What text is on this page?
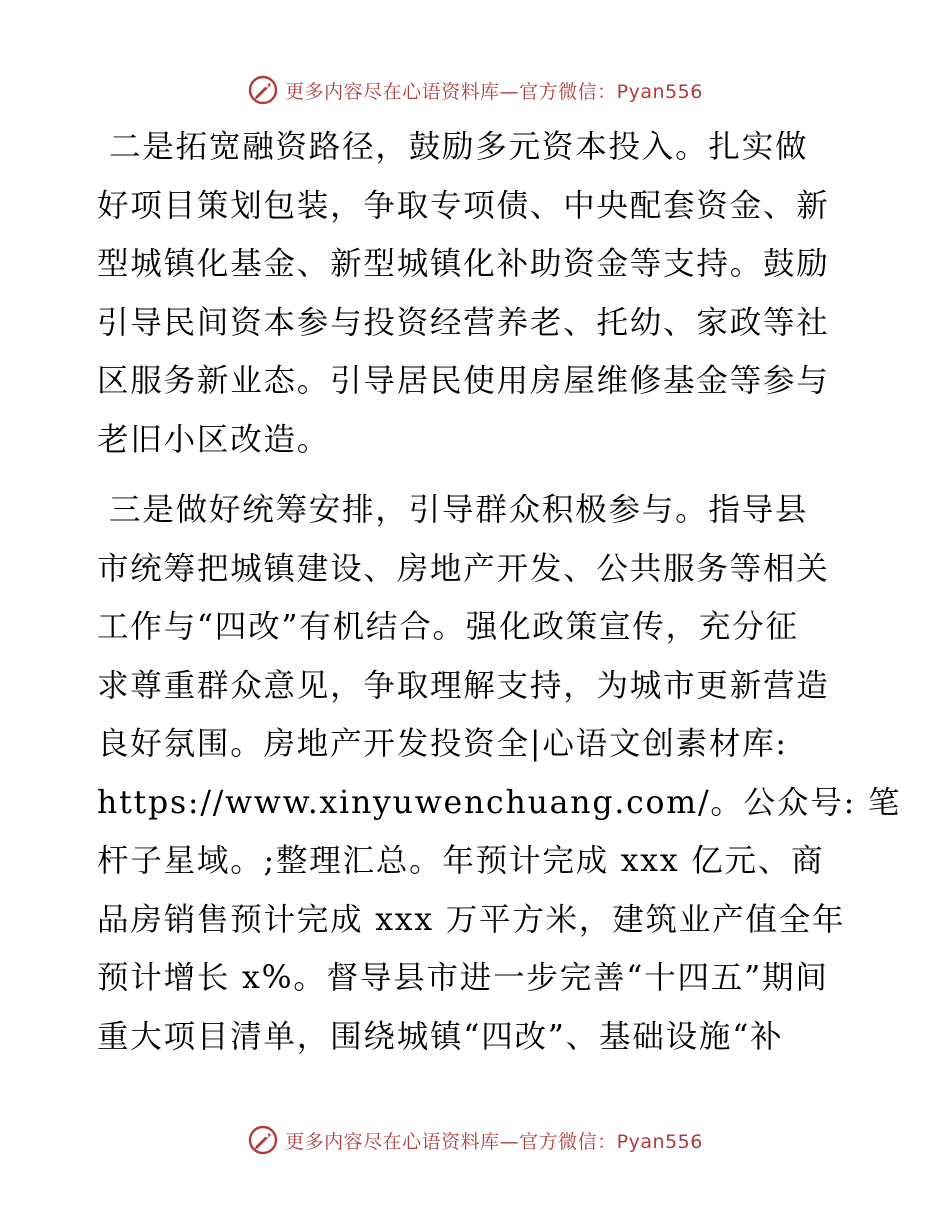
更多内容尽在心语资料库—官方微信：Pyan556

二是拓宽融资路径，鼓励多元资本投入。扎实做
好项目策划包装，争取专项债、中央配套资金、新
型城镇化基金、新型城镇化补助资金等支持。鼓励
引导民间资本参与投资经营养老、托幼、家政等社
区服务新业态。引导居民使用房屋维修基金等参与
老旧小区改造。

三是做好统筹安排，引导群众积极参与。指导县
市统筹把城镇建设、房地产开发、公共服务等相关
工作与“四改”有机结合。强化政策宣传，充分征
求尊重群众意见，争取理解支持，为城市更新营造
良好氛围。房地产开发投资全|心语文创素材库:
https://www.xinyuwenchuang.com/。公众号: 笔
杆子星域。;整理汇总。年预计完成 xxx 亿元、商
品房销售预计完成 xxx 万平方米，建筑业产值全年
预计增长 x%。督导县市进一步完善“十四五”期间
重大项目清单，围绕城镇“四改”、基础设施“补

更多内容尽在心语资料库—官方微信：Pyan556
